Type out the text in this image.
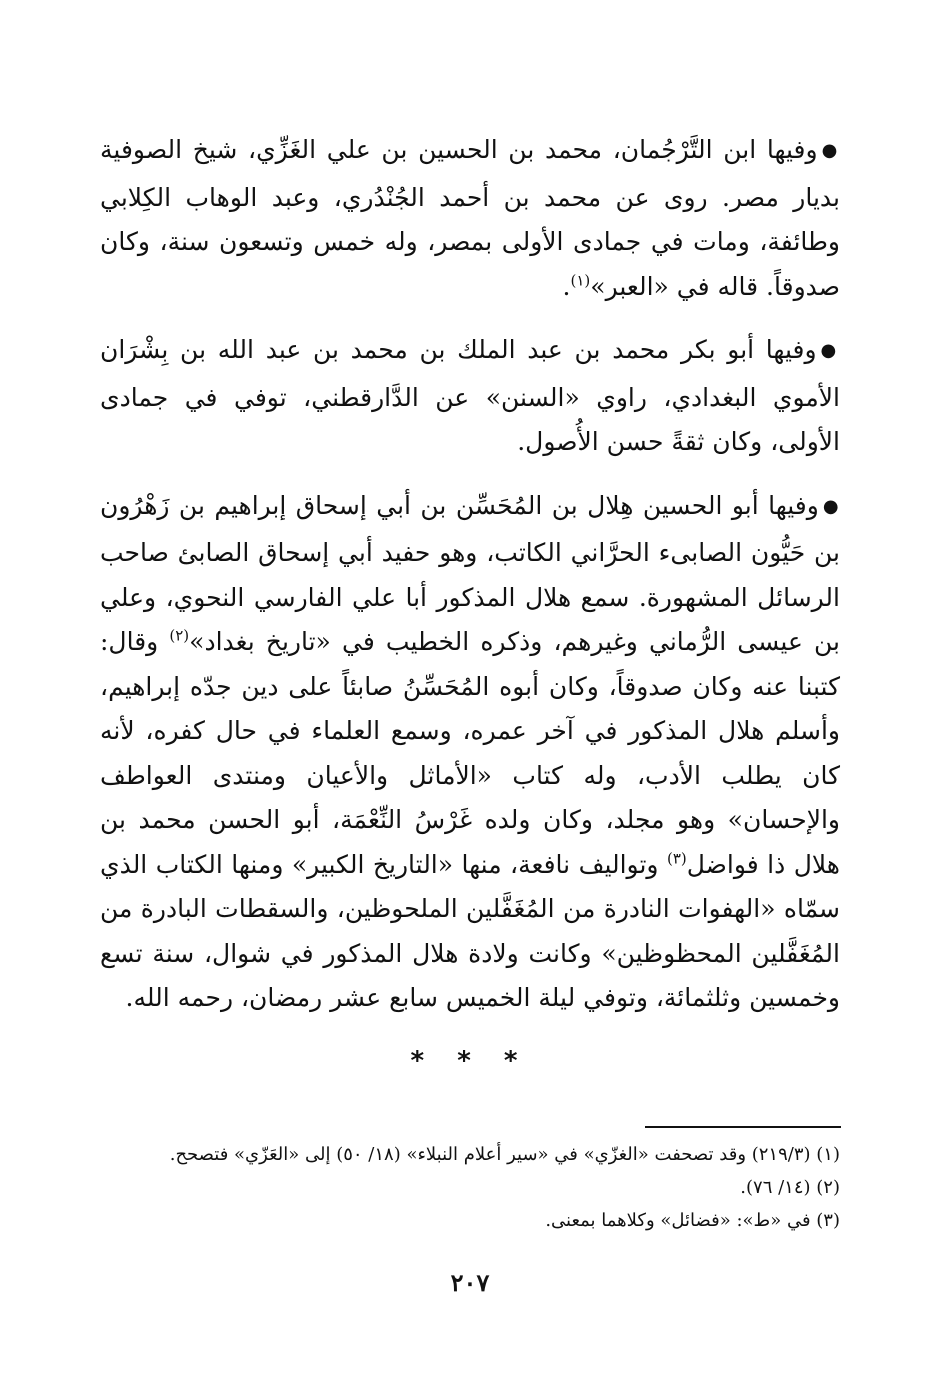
●وفيها ابن التَّرْجُمان، محمد بن الحسين بن علي الغَزِّي، شيخ الصوفية بديار مصر. روى عن محمد بن أحمد الجُنْدُري، وعبد الوهاب الكِلابي وطائفة، ومات في جمادى الأولى بمصر، وله خمس وتسعون سنة، وكان صدوقاً. قاله في «العبر»$^{(١)}$.

●وفيها أبو بكر محمد بن عبد الملك بن محمد بن عبد الله بن بِشْرَان الأموي البغدادي، راوي «السنن» عن الدَّارقطني، توفي في جمادى الأولى، وكان ثقةً حسن الأُصول.

●وفيها أبو الحسين هِلال بن المُحَسِّن بن أبي إسحاق إبراهيم بن زَهْرُون بن حَيُّون الصابىء الحرَّاني الكاتب، وهو حفيد أبي إسحاق الصابئ صاحب الرسائل المشهورة. سمع هلال المذكور أبا علي الفارسي النحوي، وعلي بن عيسى الرُّماني وغيرهم، وذكره الخطيب في «تاريخ بغداد»$^{(٢)}$ وقال: كتبنا عنه وكان صدوقاً، وكان أبوه المُحَسِّنُ صابئاً على دين جدّه إبراهيم، وأسلم هلال المذكور في آخر عمره، وسمع العلماء في حال كفره، لأنه كان يطلب الأدب، وله كتاب «الأماثل والأعيان ومنتدى العواطف والإحسان» وهو مجلد، وكان ولده غَرْسُ النِّعْمَة، أبو الحسن محمد بن هلال ذا فواضل$^{(٣)}$ وتواليف نافعة، منها «التاريخ الكبير» ومنها الكتاب الذي سمّاه «الهفوات النادرة من المُغَفَّلين الملحوظين، والسقطات البادرة من المُغَفَّلين المحظوظين» وكانت ولادة هلال المذكور في شوال، سنة تسع وخمسين وثلثمائة، وتوفي ليلة الخميس سابع عشر رمضان، رحمه الله.

* * *

(١) (٢١٩/٣) وقد تصحفت «الغزّي» في «سير أعلام النبلاء» (١٨/ ٥٠) إلى «العَزّي» فتصحح.

(٢) (١٤/ ٧٦).

(٣) في «ط»: «فضائل» وكلاهما بمعنى.

٢٠٧
